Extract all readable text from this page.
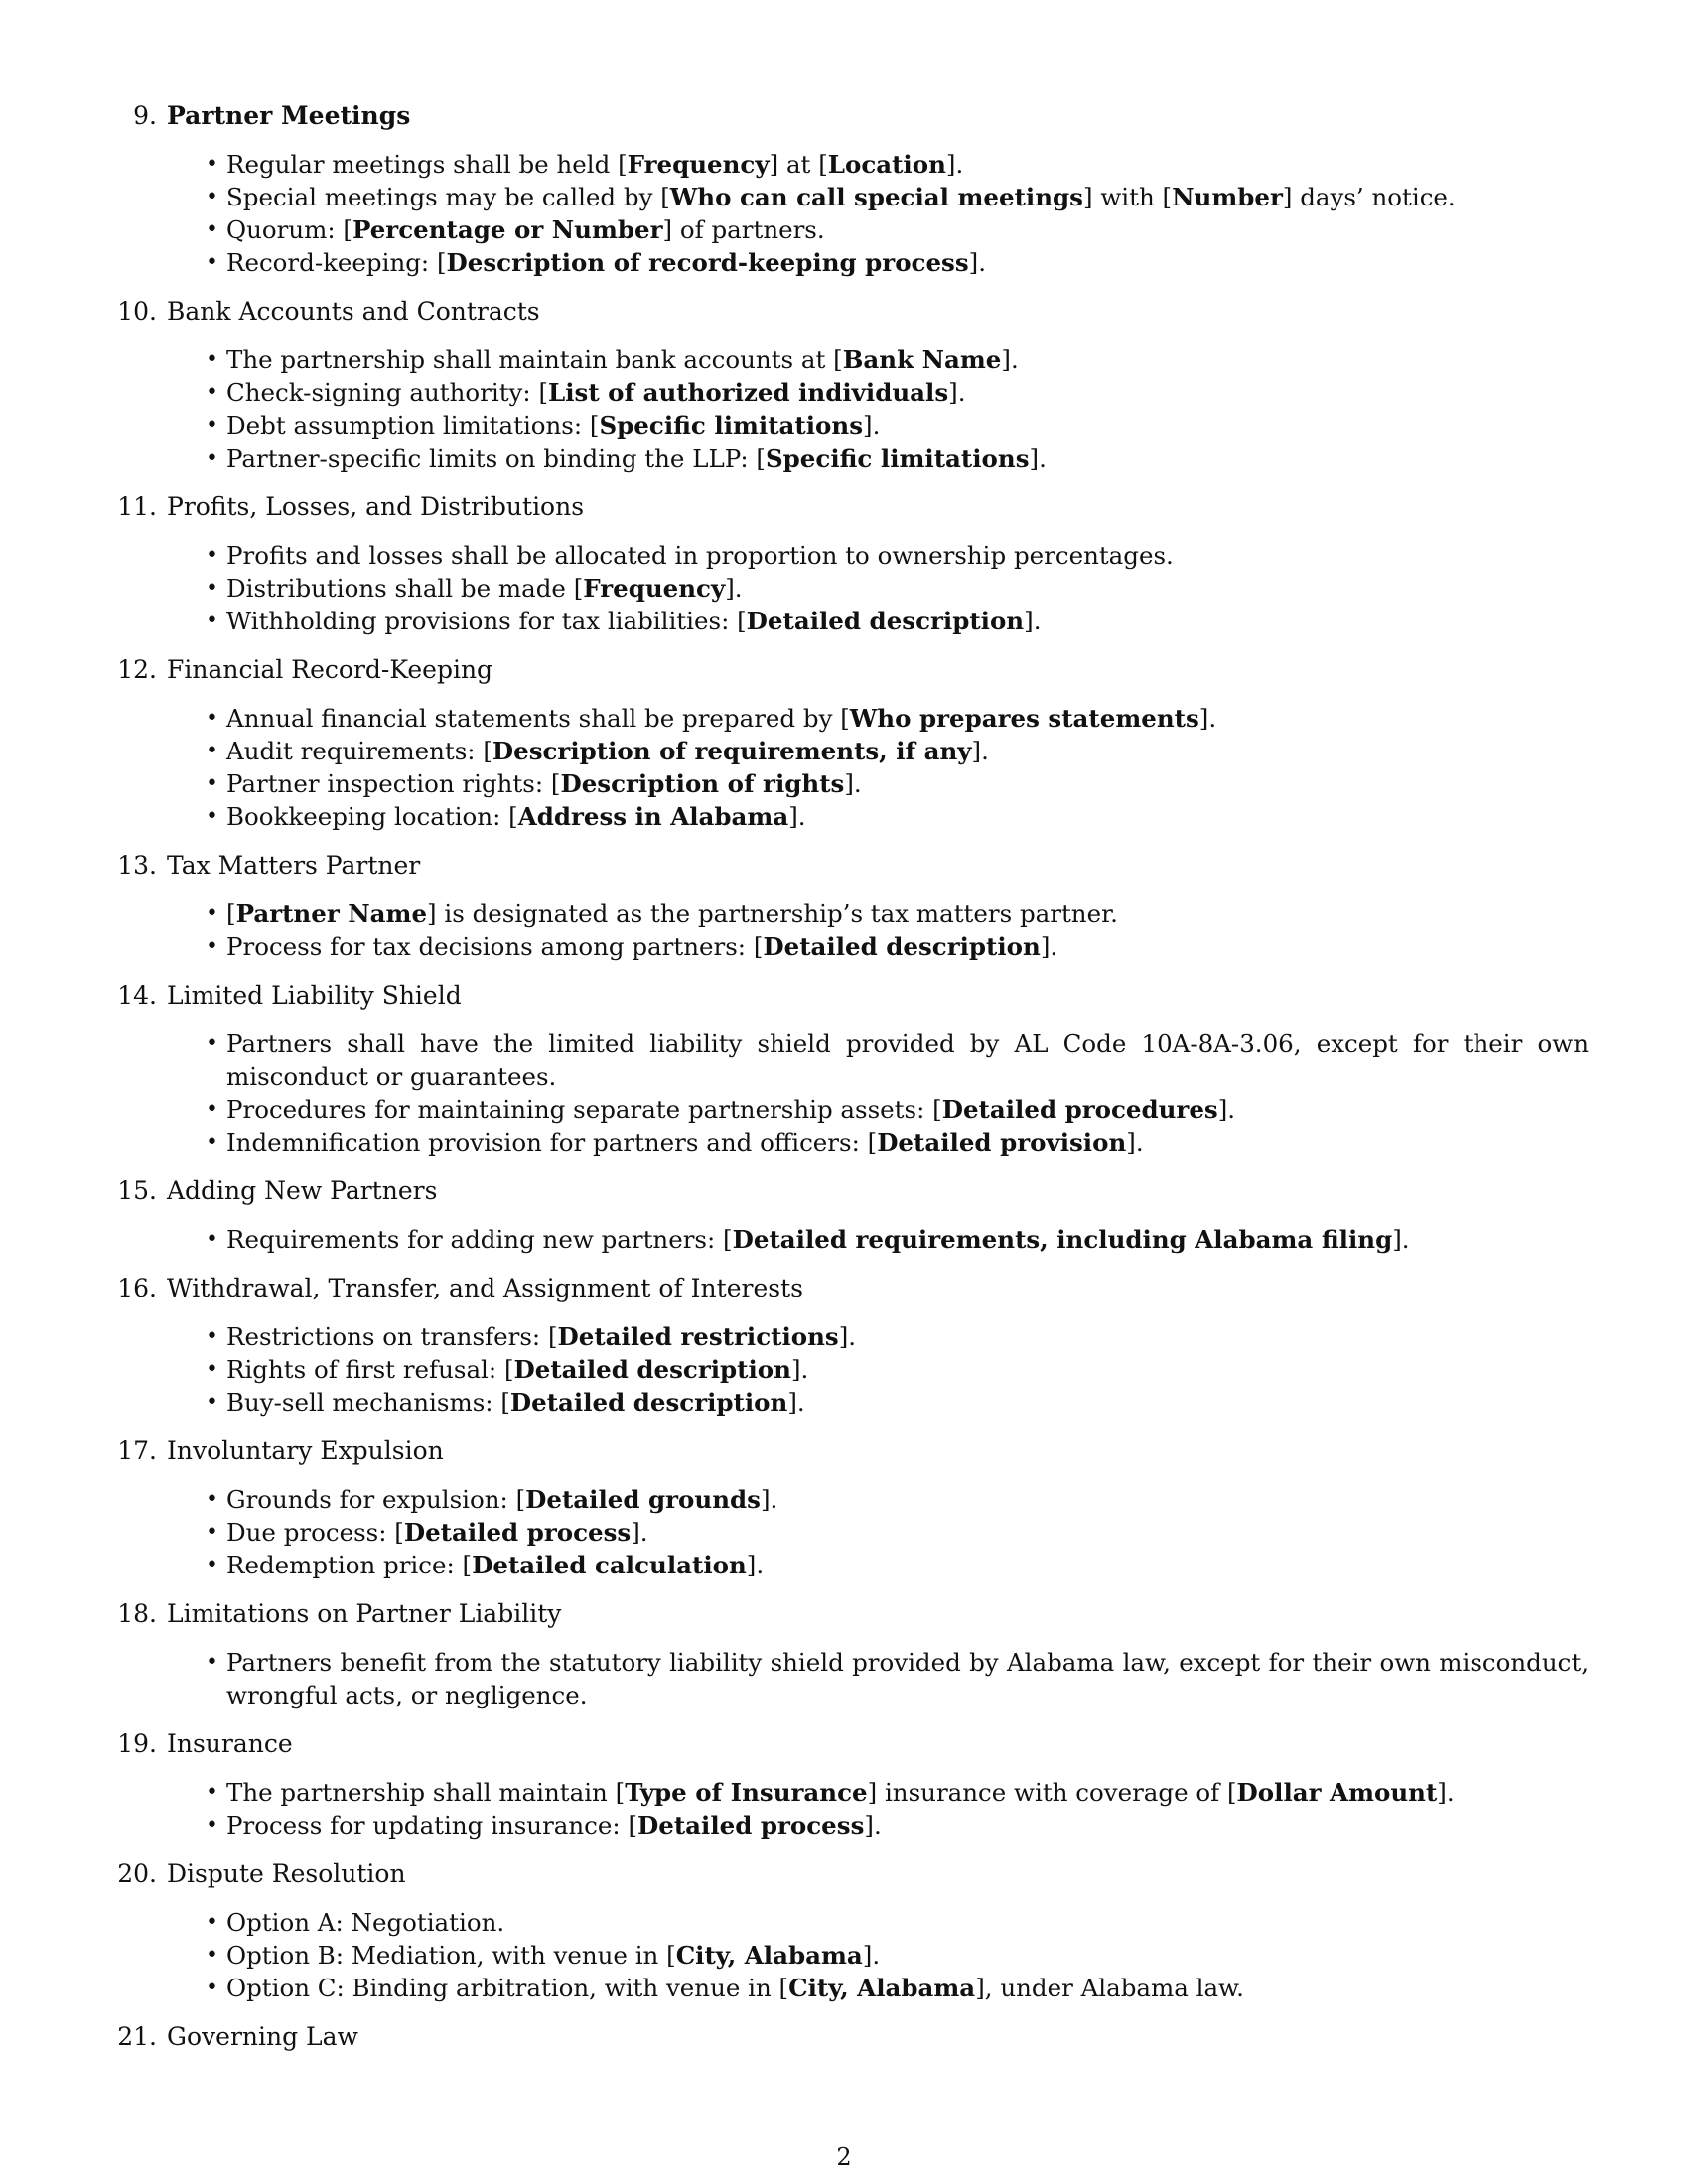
9. Partner Meetings
• Regular meetings shall be held [Frequency] at [Location].
• Special meetings may be called by [Who can call special meetings] with [Number] days’ notice.
• Quorum: [Percentage or Number] of partners.
• Record-keeping: [Description of record-keeping process].
10. Bank Accounts and Contracts
• The partnership shall maintain bank accounts at [Bank Name].
• Check-signing authority: [List of authorized individuals].
• Debt assumption limitations: [Specific limitations].
• Partner-specific limits on binding the LLP: [Specific limitations].
11. Profits, Losses, and Distributions
• Profits and losses shall be allocated in proportion to ownership percentages.
• Distributions shall be made [Frequency].
• Withholding provisions for tax liabilities: [Detailed description].
12. Financial Record-Keeping
• Annual financial statements shall be prepared by [Who prepares statements].
• Audit requirements: [Description of requirements, if any].
• Partner inspection rights: [Description of rights].
• Bookkeeping location: [Address in Alabama].
13. Tax Matters Partner
• [Partner Name] is designated as the partnership’s tax matters partner.
• Process for tax decisions among partners: [Detailed description].
14. Limited Liability Shield
• Partners shall have the limited liability shield provided by AL Code 10A-8A-3.06, except for their own misconduct or guarantees.
• Procedures for maintaining separate partnership assets: [Detailed procedures].
• Indemnification provision for partners and officers: [Detailed provision].
15. Adding New Partners
• Requirements for adding new partners: [Detailed requirements, including Alabama filing].
16. Withdrawal, Transfer, and Assignment of Interests
• Restrictions on transfers: [Detailed restrictions].
• Rights of first refusal: [Detailed description].
• Buy-sell mechanisms: [Detailed description].
17. Involuntary Expulsion
• Grounds for expulsion: [Detailed grounds].
• Due process: [Detailed process].
• Redemption price: [Detailed calculation].
18. Limitations on Partner Liability
• Partners benefit from the statutory liability shield provided by Alabama law, except for their own misconduct, wrongful acts, or negligence.
19. Insurance
• The partnership shall maintain [Type of Insurance] insurance with coverage of [Dollar Amount].
• Process for updating insurance: [Detailed process].
20. Dispute Resolution
• Option A: Negotiation.
• Option B: Mediation, with venue in [City, Alabama].
• Option C: Binding arbitration, with venue in [City, Alabama], under Alabama law.
21. Governing Law
2
